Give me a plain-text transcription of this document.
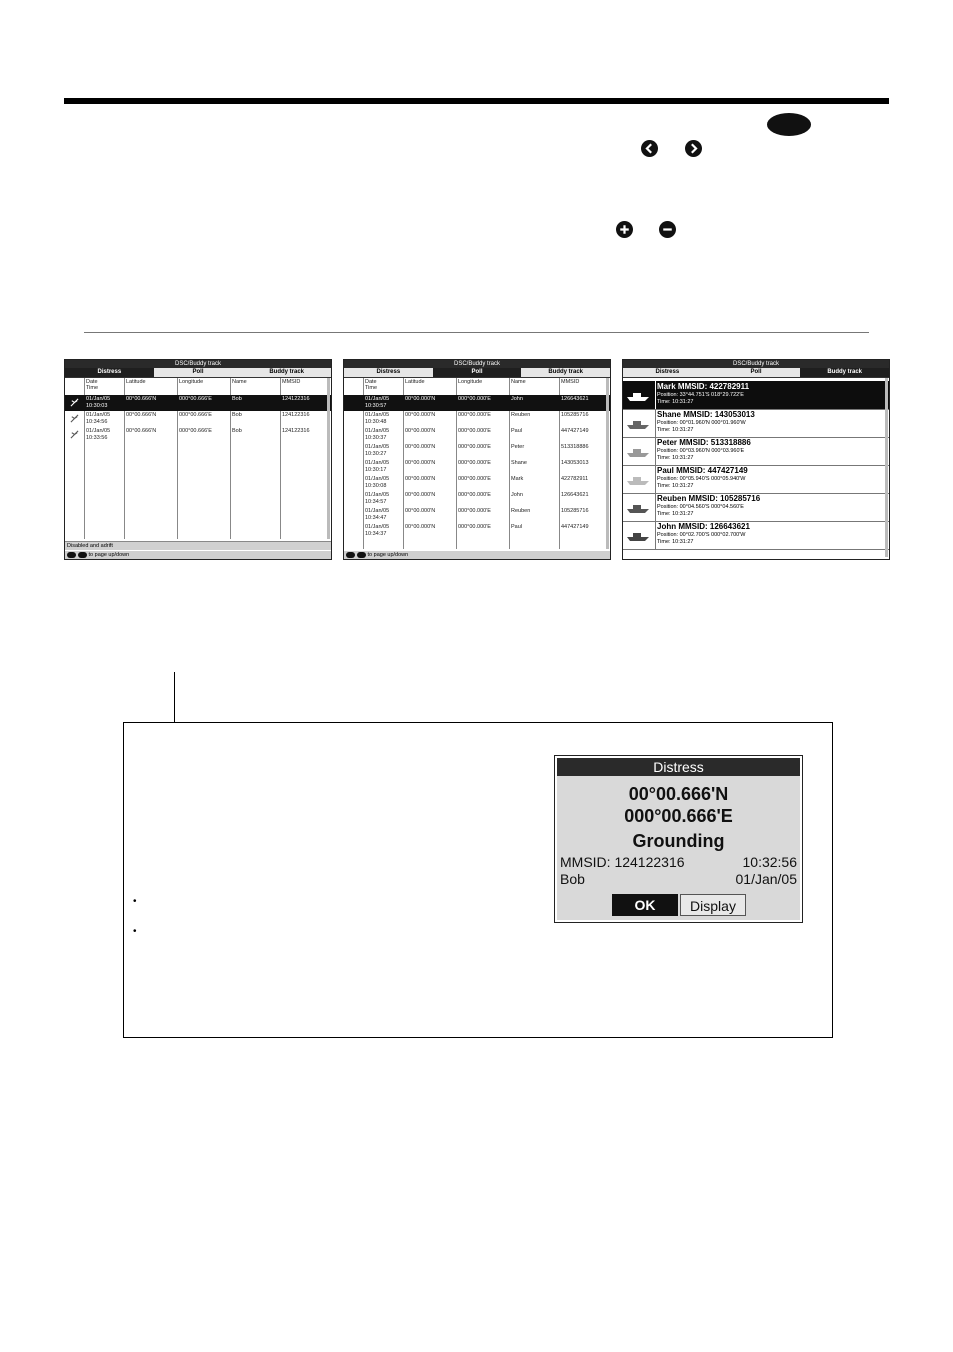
DSC/Buddy track
Distress	Poll	Buddy track
Date
Time
Latitude	Longitude	Name	MMSID
01/Jan/05
10:30:03
00°00.666'N	000°00.666'E	Bob	124122316
01/Jan/05
10:34:56
00°00.666'N	000°00.666'E	Bob	124122316
01/Jan/05
10:33:56
00°00.666'N	000°00.666'E	Bob	124122316
Disabled and adrift
to page up/down
DSC/Buddy track
Distress	Poll	Buddy track
Date
Time
Latitude	Longitude	Name	MMSID
01/Jan/05
10:30:57
00°00.000'N	000°00.000'E	John	126643621
01/Jan/05
10:30:48
00°00.000'N	000°00.000'E	Reuben	105285716
01/Jan/05
10:30:37
00°00.000'N	000°00.000'E	Paul	447427149
01/Jan/05
10:30:27
00°00.000'N	000°00.000'E	Peter	513318886
01/Jan/05
10:30:17
00°00.000'N	000°00.000'E	Shane	143053013
01/Jan/05
10:30:08
00°00.000'N	000°00.000'E	Mark	422782911
01/Jan/05
10:34:57
00°00.000'N	000°00.000'E	John	126643621
01/Jan/05
10:34:47
00°00.000'N	000°00.000'E	Reuben	105285716
01/Jan/05
10:34:37
00°00.000'N	000°00.000'E	Paul	447427149
to page up/down
DSC/Buddy track
Distress	Poll	Buddy track
Mark MMSID: 422782911
Position: 33°44.751'S 018°29.722'E
Time: 10:31:27
Shane MMSID: 143053013
Position: 00°01.960'N 000°01.960'W
Time: 10:31:27
Peter MMSID: 513318886
Position: 00°03.960'N 000°03.960'E
Time: 10:31:27
Paul MMSID: 447427149
Position: 00°05.940'S 000°05.940'W
Time: 10:31:27
Reuben MMSID: 105285716
Position: 00°04.560'S 000°04.560'E
Time: 10:31:27
John MMSID: 126643621
Position: 00°02.700'S 000°02.700'W
Time: 10:31:27
•
•
Distress
00°00.666'N
000°00.666'E
Grounding
MMSID: 124122316	10:32:56
Bob	01/Jan/05
OK	Display
